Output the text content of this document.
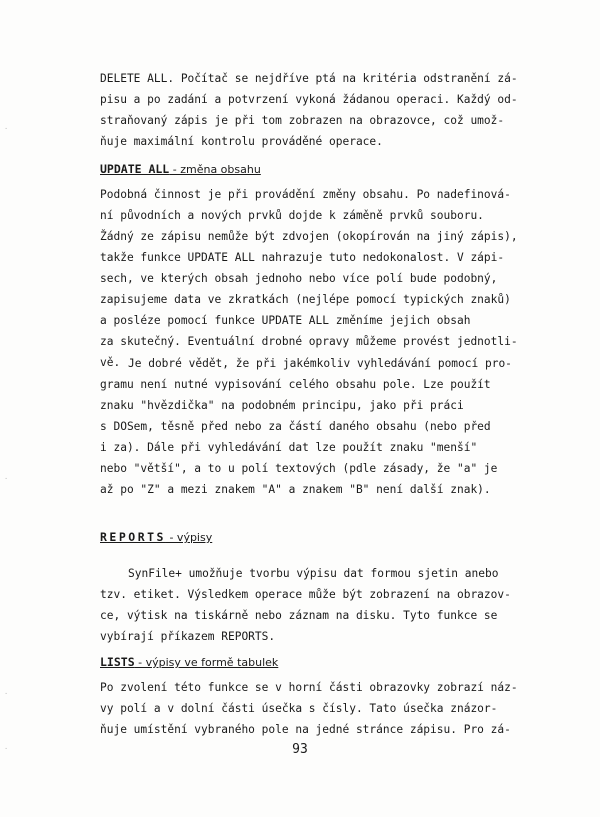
DELETE ALL. Počítač se nejdříve ptá na kritéria odstranění zá-
pisu a po zadání a potvrzení vykoná žádanou operaci. Každý od-
straňovaný zápis je při tom zobrazen na obrazovce, což umož-
ňuje maximální kontrolu prováděné operace.
UPDATE ALL - změna obsahu
Podobná činnost je při provádění změny obsahu. Po nadefinová-
ní původních a nových prvků dojde k záměně prvků souboru.
Žádný ze zápisu nemůže být zdvojen (okopírován na jiný zápis),
takže funkce UPDATE ALL nahrazuje tuto nedokonalost. V zápi-
sech, ve kterých obsah jednoho nebo více polí bude podobný,
zapisujeme data ve zkratkách (nejlépe pomocí typických znaků)
a posléze pomocí funkce UPDATE ALL změníme jejich obsah
za skutečný. Eventuální drobné opravy můžeme provést jednotli-
vě. Je dobré vědět, že při jakémkoliv vyhledávání pomocí pro-
gramu není nutné vypisování celého obsahu pole. Lze použít
znaku "hvězdička" na podobném principu, jako při práci
s DOSem, těsně před nebo za částí daného obsahu (nebo před
i za). Dále při vyhledávání dat lze použít znaku "menší"
nebo "větší", a to u polí textových (pdle zásady, že "a" je
až po "Z" a mezi znakem "A" a znakem "B" není další znak).
REPORTS - výpisy
SynFile+ umožňuje tvorbu výpisu dat formou sjetin anebo
tzv. etiket. Výsledkem operace může být zobrazení na obrazov-
ce, výtisk na tiskárně nebo záznam na disku. Tyto funkce se
vybírají příkazem REPORTS.
LISTS - výpisy ve formě tabulek
Po zvolení této funkce se v horní části obrazovky zobrazí náz-
vy polí a v dolní části úsečka s čísly. Tato úsečka znázor-
ňuje umístění vybraného pole na jedné stránce zápisu. Pro zá-
93
·
·
·
·
